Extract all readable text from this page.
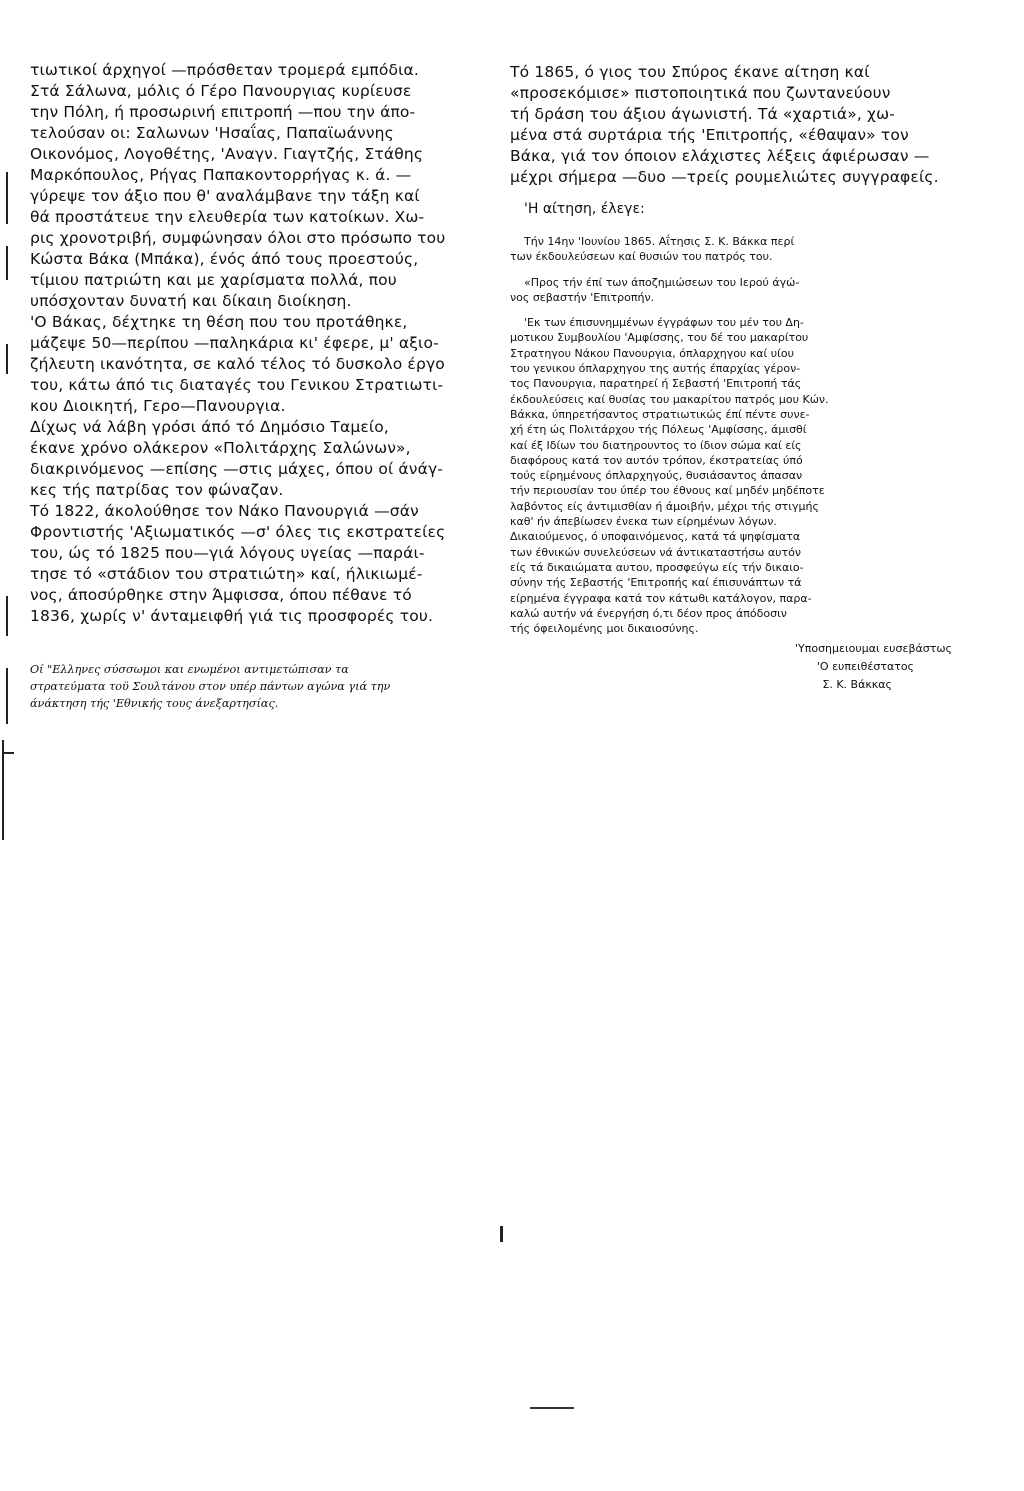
τιωτικοί άρχηγοί —πρόσθεταν τρομερά εμπόδια.

Στά Σάλωνα, μόλις ό Γέρο Πανουργιας κυρίευσε

την Πόλη, ή προσωρινή επιτροπή —που την άπο-

τελούσαν οι: Σαλωνων 'Ησαΐας, Παπαϊωάννης

Οικονόμος, Λογοθέτης, 'Αναγν. Γιαγτζής, Στάθης

Μαρκόπουλος, Ρήγας Παπακοντορρήγας κ. ά. —

γύρεψε τον άξιο που θ' αναλάμβανε την τάξη καί

θά προστάτευε την ελευθερία των κατοίκων. Χω-

ρις χρονοτριβή, συμφώνησαν όλοι στο πρόσωπο του

Κώστα Βάκα (Μπάκα), ένός άπό τους προεστούς,

τίμιου πατριώτη και με χαρίσματα πολλά, που

υπόσχονταν δυνατή και δίκαιη διοίκηση.

'Ο Βάκας, δέχτηκε τη θέση που του προτάθηκε,

μάζεψε 50—περίπου —παληκάρια κι' έφερε, μ' αξιο-

ζήλευτη ικανότητα, σε καλό τέλος τό δυσκολο έργο

του, κάτω άπό τις διαταγές του Γενικου Στρατιωτι-

κου Διοικητή, Γερο—Πανουργια.

Δίχως νά λάβη γρόσι άπό τό Δημόσιο Ταμείο,

έκανε χρόνο ολάκερον «Πολιτάρχης Σαλώνων»,

διακρινόμενος —επίσης —στις μάχες, όπου οί άνάγ-

κες τής πατρίδας τον φώναζαν.

Τό 1822, άκολούθησε τον Νάκο Πανουργιά —σάν

Φροντιστής 'Αξιωματικός —σ' όλες τις εκστρατείες

του, ώς τό 1825 που—γιά λόγους υγείας —παράι-

τησε τό «στάδιον του στρατιώτη» καί, ήλικιωμέ-

νος, άποσύρθηκε στην Άμφισσα, όπου πέθανε τό

1836, χωρίς ν' άνταμειφθή γιά τις προσφορές του.

Οί "Ελληνες σύσσωμοι και ενωμένοι αντιμετώπισαν τα

στρατεύματα τοϋ Σουλτάνου στον υπέρ πάντων αγώνα γιά την

άνάκτηση τής 'Εθνικής τους άνεξαρτησίας.

Τό 1865, ό γιος του Σπύρος έκανε αίτηση καί

«προσεκόμισε» πιστοποιητικά που ζωντανεύουν

τή δράση του άξιου άγωνιστή. Τά «χαρτιά», χω-

μένα στά συρτάρια τής 'Επιτροπής, «έθαψαν» τον

Βάκα, γιά τον όποιον ελάχιστες λέξεις άφιέρωσαν —

μέχρι σήμερα —δυο —τρείς ρουμελιώτες συγγραφείς.

'Η αίτηση, έλεγε:

Τήν 14ην 'Ιουνίου 1865. Αΐτησις Σ. Κ. Βάκκα περί

των έκδουλεύσεων καί θυσιών του πατρός του.

«Προς τήν έπί των άποζημιώσεων του Ιερού άγώ-

νος σεβαστήν 'Επιτροπήν.

'Εκ των έπισυνημμένων έγγράφων του μέν του Δη-

μοτικου Συμβουλίου 'Αμφίσσης, του δέ του μακαρίτου

Στρατηγου Νάκου Πανουργια, όπλαρχηγου καί υίου

του γενικου όπλαρχηγου της αυτής έπαρχίας γέρον-

τος Πανουργια, παρατηρεί ή Σεβαστή 'Επιτροπή τάς

έκδουλεύσεις καί θυσίας του μακαρίτου πατρός μου Κών.

Βάκκα, ύπηρετήσαντος στρατιωτικώς έπί πέντε συνε-

χή έτη ώς Πολιτάρχου τής Πόλεως 'Αμφίσσης, άμισθί

καί έξ Ιδίων του διατηρουντος το ίδιον σώμα καί είς

διαφόρους κατά τον αυτόν τρόπον, έκστρατείας ύπό

τούς είρημένους όπλαρχηγούς, θυσιάσαντος άπασαν

τήν περιουσίαν του ύπέρ του έθνους καί μηδέν μηδέποτε

λαβόντος είς άντιμισθίαν ή άμοιβήν, μέχρι τής στιγμής

καθ' ήν άπεβίωσεν ένεκα των είρημένων λόγων.

Δικαιούμενος, ό υποφαινόμενος, κατά τά ψηφίσματα

των έθνικών συνελεύσεων νά άντικαταστήσω αυτόν

είς τά δικαιώματα αυτου, προσφεύγω είς τήν δικαιο-

σύνην τής Σεβαστής 'Επιτροπής καί έπισυνάπτων τά

είρημένα έγγραφα κατά τον κάτωθι κατάλογον, παρα-

καλώ αυτήν νά ένεργήση ό,τι δέον προς άπόδοσιν

τής όφειλομένης μοι δικαιοσύνης.

'Υποσημειουμαι ευσεβάστως

'Ο ευπειθέστατος

Σ. Κ. Βάκκας
